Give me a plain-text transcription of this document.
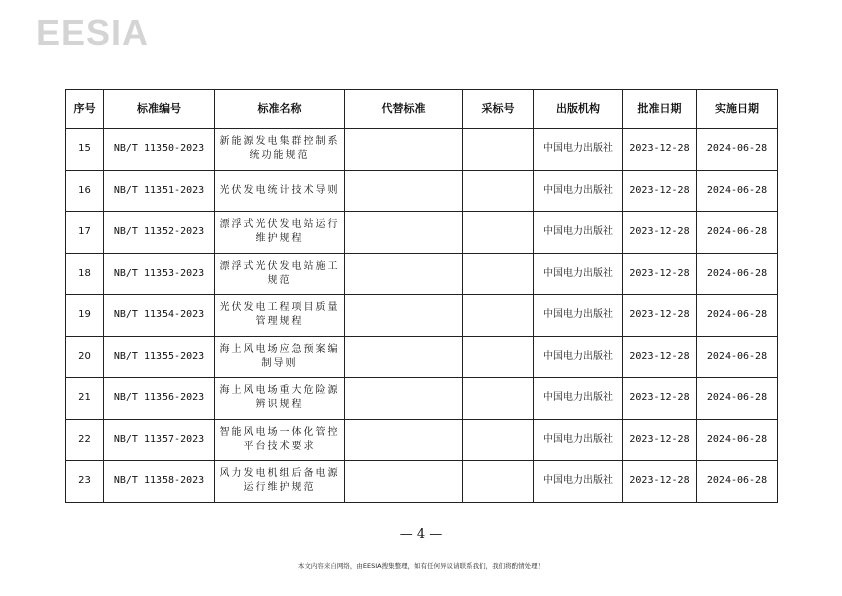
EESIA
序号	标准编号	标准名称	代替标准	采标号	出版机构	批准日期	实施日期
15	NB/T 11350-2023	新能源发电集群控制系统功能规范			中国电力出版社	2023-12-28	2024-06-28
16	NB/T 11351-2023	光伏发电统计技术导则			中国电力出版社	2023-12-28	2024-06-28
17	NB/T 11352-2023	漂浮式光伏发电站运行维护规程			中国电力出版社	2023-12-28	2024-06-28
18	NB/T 11353-2023	漂浮式光伏发电站施工规范			中国电力出版社	2023-12-28	2024-06-28
19	NB/T 11354-2023	光伏发电工程项目质量管理规程			中国电力出版社	2023-12-28	2024-06-28
20	NB/T 11355-2023	海上风电场应急预案编制导则			中国电力出版社	2023-12-28	2024-06-28
21	NB/T 11356-2023	海上风电场重大危险源辨识规程			中国电力出版社	2023-12-28	2024-06-28
22	NB/T 11357-2023	智能风电场一体化管控平台技术要求			中国电力出版社	2023-12-28	2024-06-28
23	NB/T 11358-2023	风力发电机组后备电源运行维护规范			中国电力出版社	2023-12-28	2024-06-28
— 4 —
本文内容来自网络，由EESIA搜集整理，如有任何异议请联系我们，我们将酌情处理！
